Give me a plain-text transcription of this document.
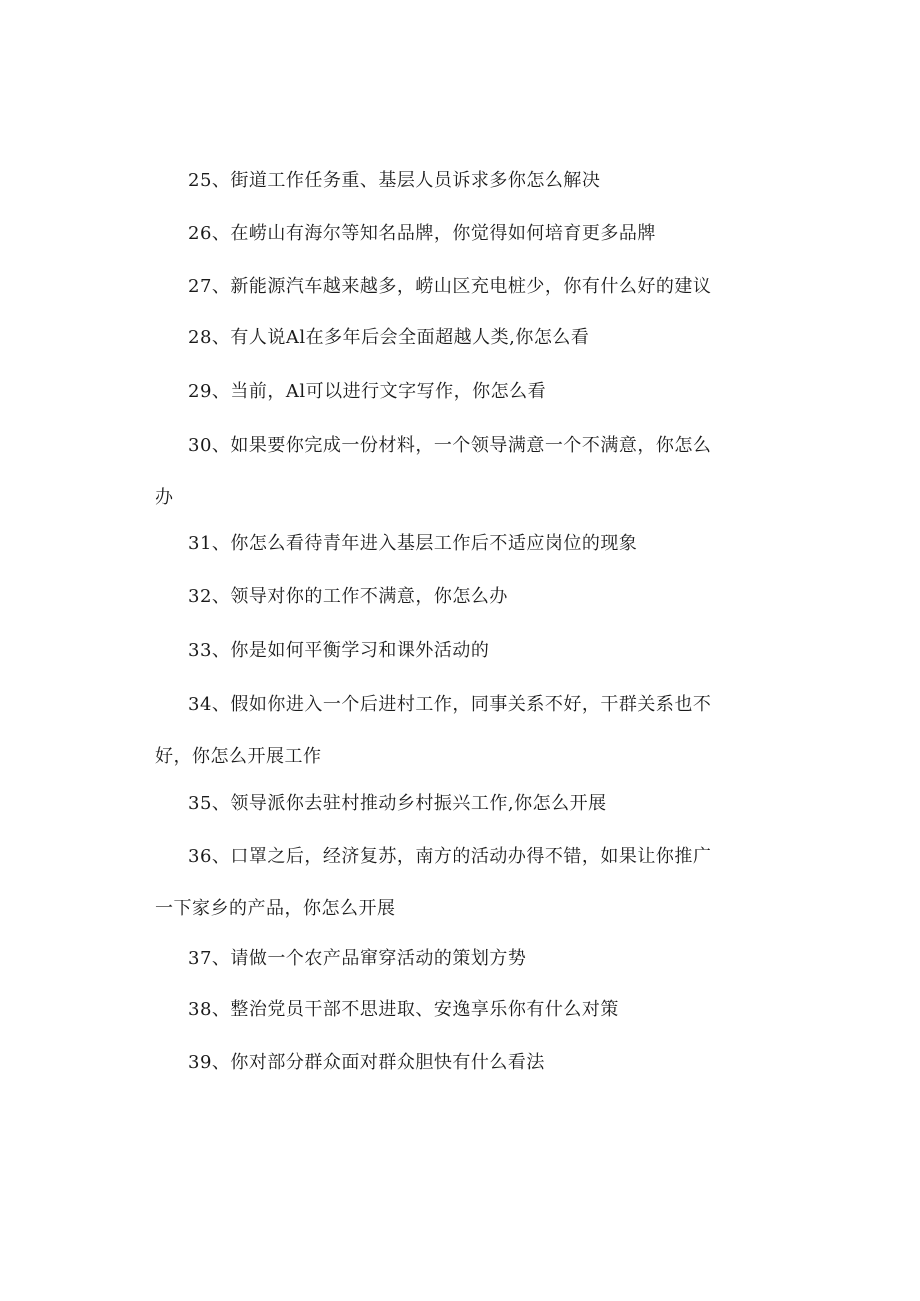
25、街道工作任务重、基层人员诉求多你怎么解决

26、在崂山有海尔等知名品牌，你觉得如何培育更多品牌

27、新能源汽车越来越多，崂山区充电桩少，你有什么好的建议

28、有人说Al在多年后会全面超越人类,你怎么看

29、当前，Al可以进行文字写作，你怎么看

30、如果要你完成一份材料，一个领导满意一个不满意，你怎么
办

31、你怎么看待青年进入基层工作后不适应岗位的现象

32、领导对你的工作不满意，你怎么办

33、你是如何平衡学习和课外活动的

34、假如你进入一个后进村工作，同事关系不好，干群关系也不
好，你怎么开展工作

35、领导派你去驻村推动乡村振兴工作,你怎么开展

36、口罩之后，经济复苏，南方的活动办得不错，如果让你推广
一下家乡的产品，你怎么开展

37、请做一个农产品窜穿活动的策划方势

38、整治党员干部不思进取、安逸享乐你有什么对策

39、你对部分群众面对群众胆快有什么看法
